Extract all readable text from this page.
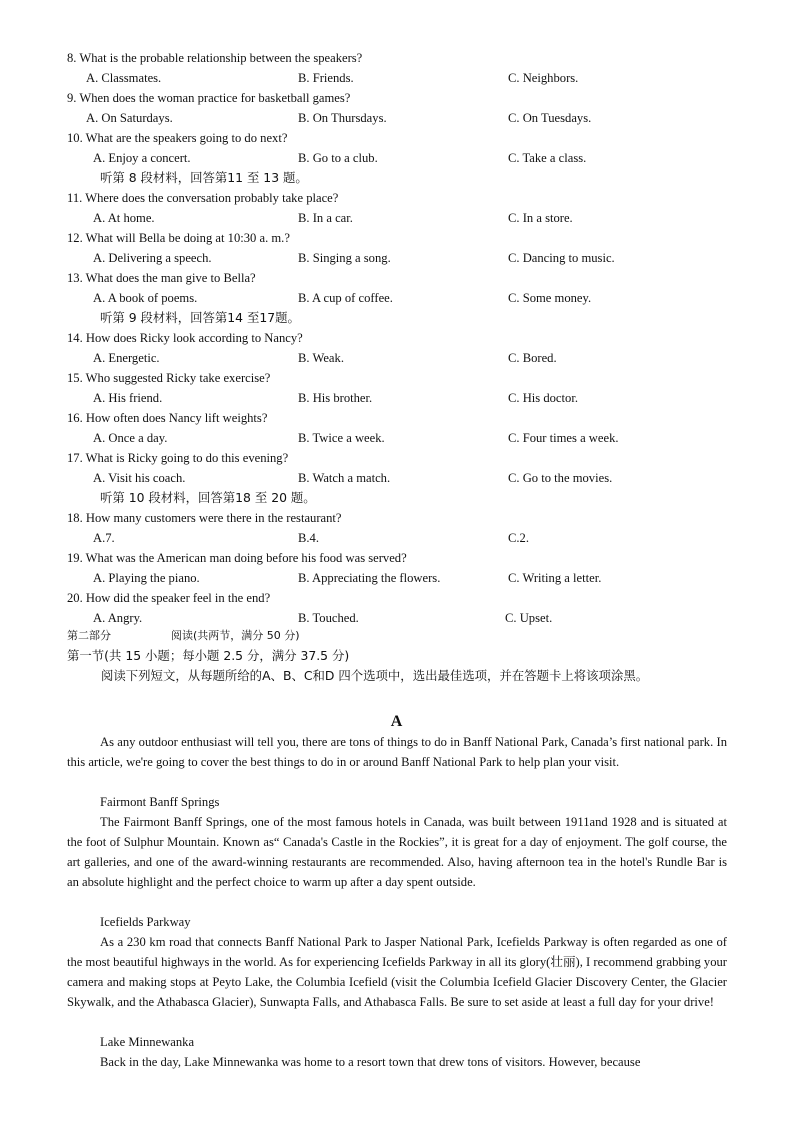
8. What is the probable relationship between the speakers?
A. Classmates.	B. Friends.	C. Neighbors.
9. When does the woman practice for basketball games?
A. On Saturdays.	B. On Thursdays.	C. On Tuesdays.
10. What are the speakers going to do next?
A. Enjoy a concert.	B. Go to a club.	C. Take a class.
听第 8 段材料，回答第11 至 13 题。
11. Where does the conversation probably take place?
A. At home.	B. In a car.	C. In a store.
12. What will Bella be doing at 10:30 a. m.?
A. Delivering a speech.	B. Singing a song.	C. Dancing to music.
13. What does the man give to Bella?
A. A book of poems.	B. A cup of coffee.	C. Some money.
听第 9 段材料，回答第14 至17题。
14. How does Ricky look according to Nancy?
A. Energetic.	B. Weak.	C. Bored.
15. Who suggested Ricky take exercise?
A. His friend.	B. His brother.	C. His doctor.
16. How often does Nancy lift weights?
A. Once a day.	B. Twice a week.	C. Four times a week.
17. What is Ricky going to do this evening?
A. Visit his coach.	B. Watch a match.	C. Go to the movies.
听第 10 段材料，回答第18 至 20 题。
18. How many customers were there in the restaurant?
A.7.	B.4.	C.2.
19. What was the American man doing before his food was served?
A. Playing the piano.	B. Appreciating the flowers.	C. Writing a letter.
20. How did the speaker feel in the end?
A. Angry.	B. Touched.	C. Upset.
第二部分	阅读(共两节，满分 50 分)
第一节(共 15 小题；每小题 2.5 分，满分 37.5 分)
阅读下列短文，从每题所给的A、B、C和D 四个选项中，选出最佳选项，并在答题卡上将该项涂黑。
A
As any outdoor enthusiast will tell you, there are tons of things to do in Banff National Park, Canada’s first national park. In this article, we're going to cover the best things to do in or around Banff National Park to help plan your visit.
Fairmont Banff Springs
The Fairmont Banff Springs, one of the most famous hotels in Canada, was built between 1911and 1928 and is situated at the foot of Sulphur Mountain. Known as“ Canada's Castle in the Rockies”, it is great for a day of enjoyment. The golf course, the art galleries, and one of the award-winning restaurants are recommended. Also, having afternoon tea in the hotel's Rundle Bar is an absolute highlight and the perfect choice to warm up after a day spent outside.
Icefields Parkway
As a 230 km road that connects Banff National Park to Jasper National Park, Icefields Parkway is often regarded as one of the most beautiful highways in the world. As for experiencing Icefields Parkway in all its glory(壮丽), I recommend grabbing your camera and making stops at Peyto Lake, the Columbia Icefield (visit the Columbia Icefield Glacier Discovery Center, the Glacier Skywalk, and the Athabasca Glacier), Sunwapta Falls, and Athabasca Falls. Be sure to set aside at least a full day for your drive!
Lake Minnewanka
Back in the day, Lake Minnewanka was home to a resort town that drew tons of visitors. However, because
